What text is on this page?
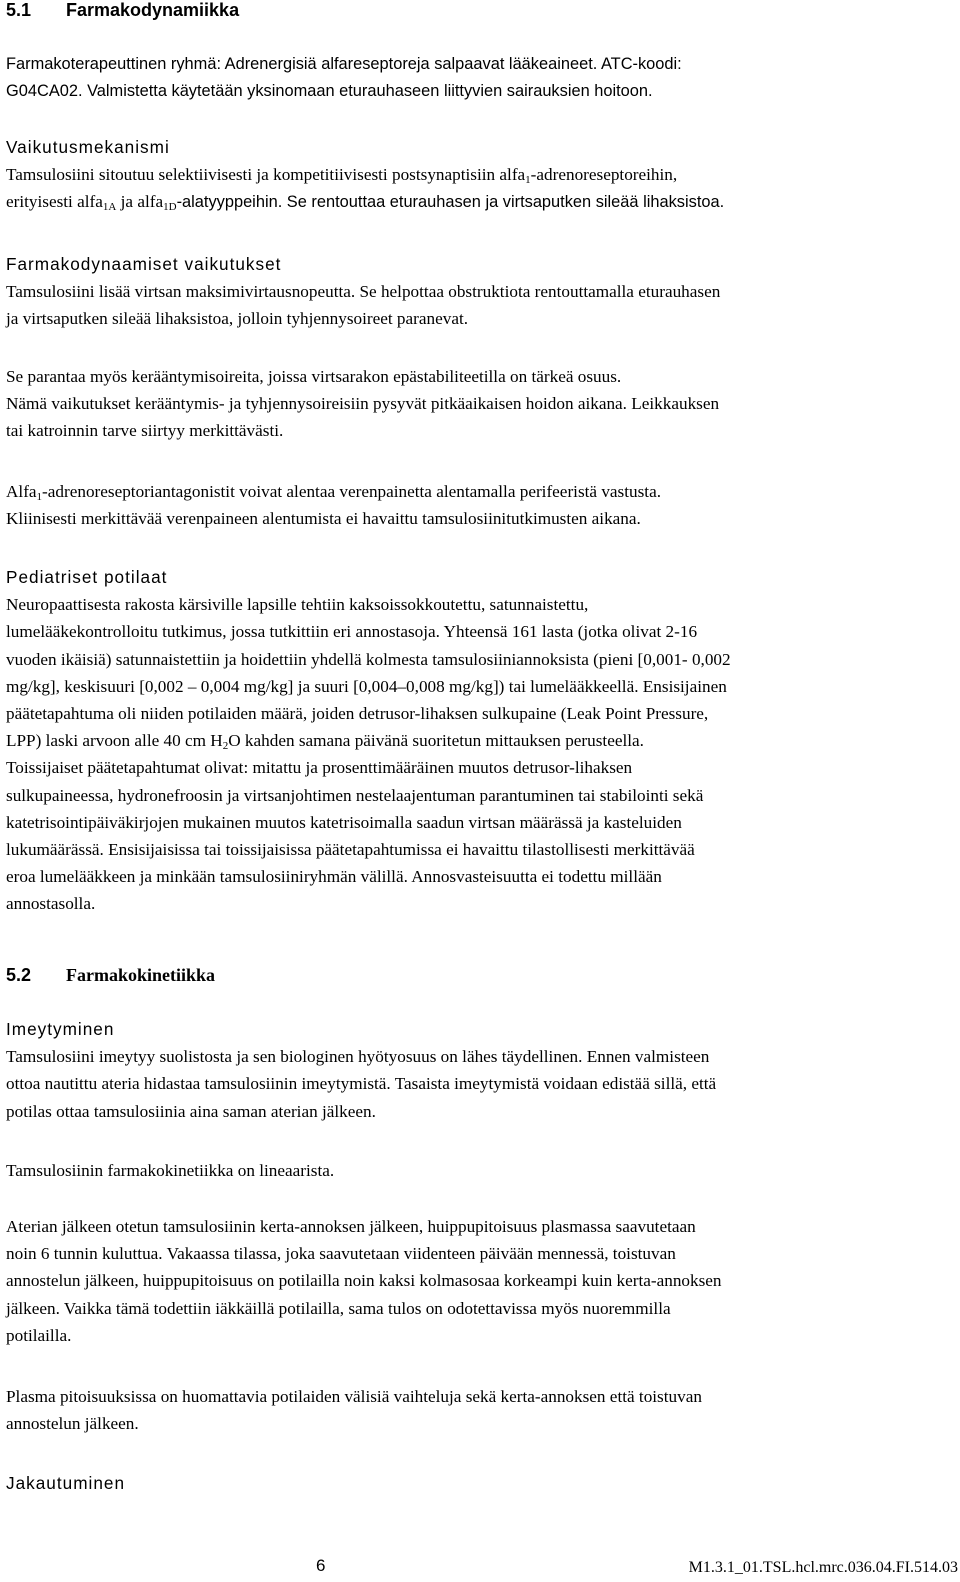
5.1 Farmakodynamiikka
Farmakoterapeuttinen ryhmä: Adrenergisiä alfareseptoreja salpaavat lääkeaineet. ATC-koodi:
G04CA02. Valmistetta käytetään yksinomaan eturauhaseen liittyvien sairauksien hoitoon.
Vaikutusmekanismi
Tamsulosiini sitoutuu selektiivisesti ja kompetitiivisesti postsynaptisiin alfa$_1$-adrenoreseptoreihin,
erityisesti alfa$_{1A}$ ja alfa$_{1D}$-alatyyppeihin. Se rentouttaa eturauhasen ja virtsaputken sileää lihaksistoa.
Farmakodynaamiset vaikutukset
Tamsulosiini lisää virtsan maksimivirtausnopeutta. Se helpottaa obstruktiota rentouttamalla eturauhasen
ja virtsaputken sileää lihaksistoa, jolloin tyhjennysoireet paranevat.
Se parantaa myös kerääntymisoireita, joissa virtsarakon epästabiliteetilla on tärkeä osuus.
Nämä vaikutukset kerääntymis- ja tyhjennysoireisiin pysyvät pitkäaikaisen hoidon aikana. Leikkauksen
tai katroinnin tarve siirtyy merkittävästi.
Alfa$_1$-adrenoreseptoriantagonistit voivat alentaa verenpainetta alentamalla perifeeristä vastusta.
Kliinisesti merkittävää verenpaineen alentumista ei havaittu tamsulosiinitutkimusten aikana.
Pediatriset potilaat
Neuropaattisesta rakosta kärsiville lapsille tehtiin kaksoissokkoutettu, satunnaistettu,
lumelääkekontrolloitu tutkimus, jossa tutkittiin eri annostasoja. Yhteensä 161 lasta (jotka olivat 2-16
vuoden ikäisiä) satunnaistettiin ja hoidettiin yhdellä kolmesta tamsulosiiniannoksista (pieni [0,001- 0,002
mg/kg], keskisuuri [0,002 – 0,004 mg/kg] ja suuri [0,004–0,008 mg/kg]) tai lumelääkkeellä. Ensisijainen
päätetapahtuma oli niiden potilaiden määrä, joiden detrusor-lihaksen sulkupaine (Leak Point Pressure,
LPP) laski arvoon alle 40 cm $H_2O$ kahden samana päivänä suoritetun mittauksen perusteella.
Toissijaiset päätetapahtumat olivat: mitattu ja prosenttimääräinen muutos detrusor-lihaksen
sulkupaineessa, hydronefroosin ja virtsanjohtimen nestelaajentuman parantuminen tai stabilointi sekä
katetrisointipäiväkirjojen mukainen muutos katetrisoimalla saadun virtsan määrässä ja kasteluiden
lukumäärässä. Ensisijaisissa tai toissijaisissa päätetapahtumissa ei havaittu tilastollisesti merkittävää
eroa lumelääkkeen ja minkään tamsulosiiniryhmän välillä. Annosvasteisuutta ei todettu millään
annostasolla.
5.2 Farmakokinetiikka
Imeytyminen
Tamsulosiini imeytyy suolistosta ja sen biologinen hyötyosuus on lähes täydellinen. Ennen valmisteen
ottoa nautittu ateria hidastaa tamsulosiinin imeytymistä. Tasaista imeytymistä voidaan edistää sillä, että
potilas ottaa tamsulosiinia aina saman aterian jälkeen.
Tamsulosiinin farmakokinetiikka on lineaarista.
Aterian jälkeen otetun tamsulosiinin kerta-annoksen jälkeen, huippupitoisuus plasmassa saavutetaan
noin 6 tunnin kuluttua. Vakaassa tilassa, joka saavutetaan viidenteen päivään mennessä, toistuvan
annostelun jälkeen, huippupitoisuus on potilailla noin kaksi kolmasosaa korkeampi kuin kerta-annoksen
jälkeen. Vaikka tämä todettiin iäkkäillä potilailla, sama tulos on odotettavissa myös nuoremmilla
potilailla.
Plasma pitoisuuksissa on huomattavia potilaiden välisiä vaihteluja sekä kerta-annoksen että toistuvan
annostelun jälkeen.
Jakautuminen
6	M1.3.1_01.TSL.hcl.mrc.036.04.FI.514.03
